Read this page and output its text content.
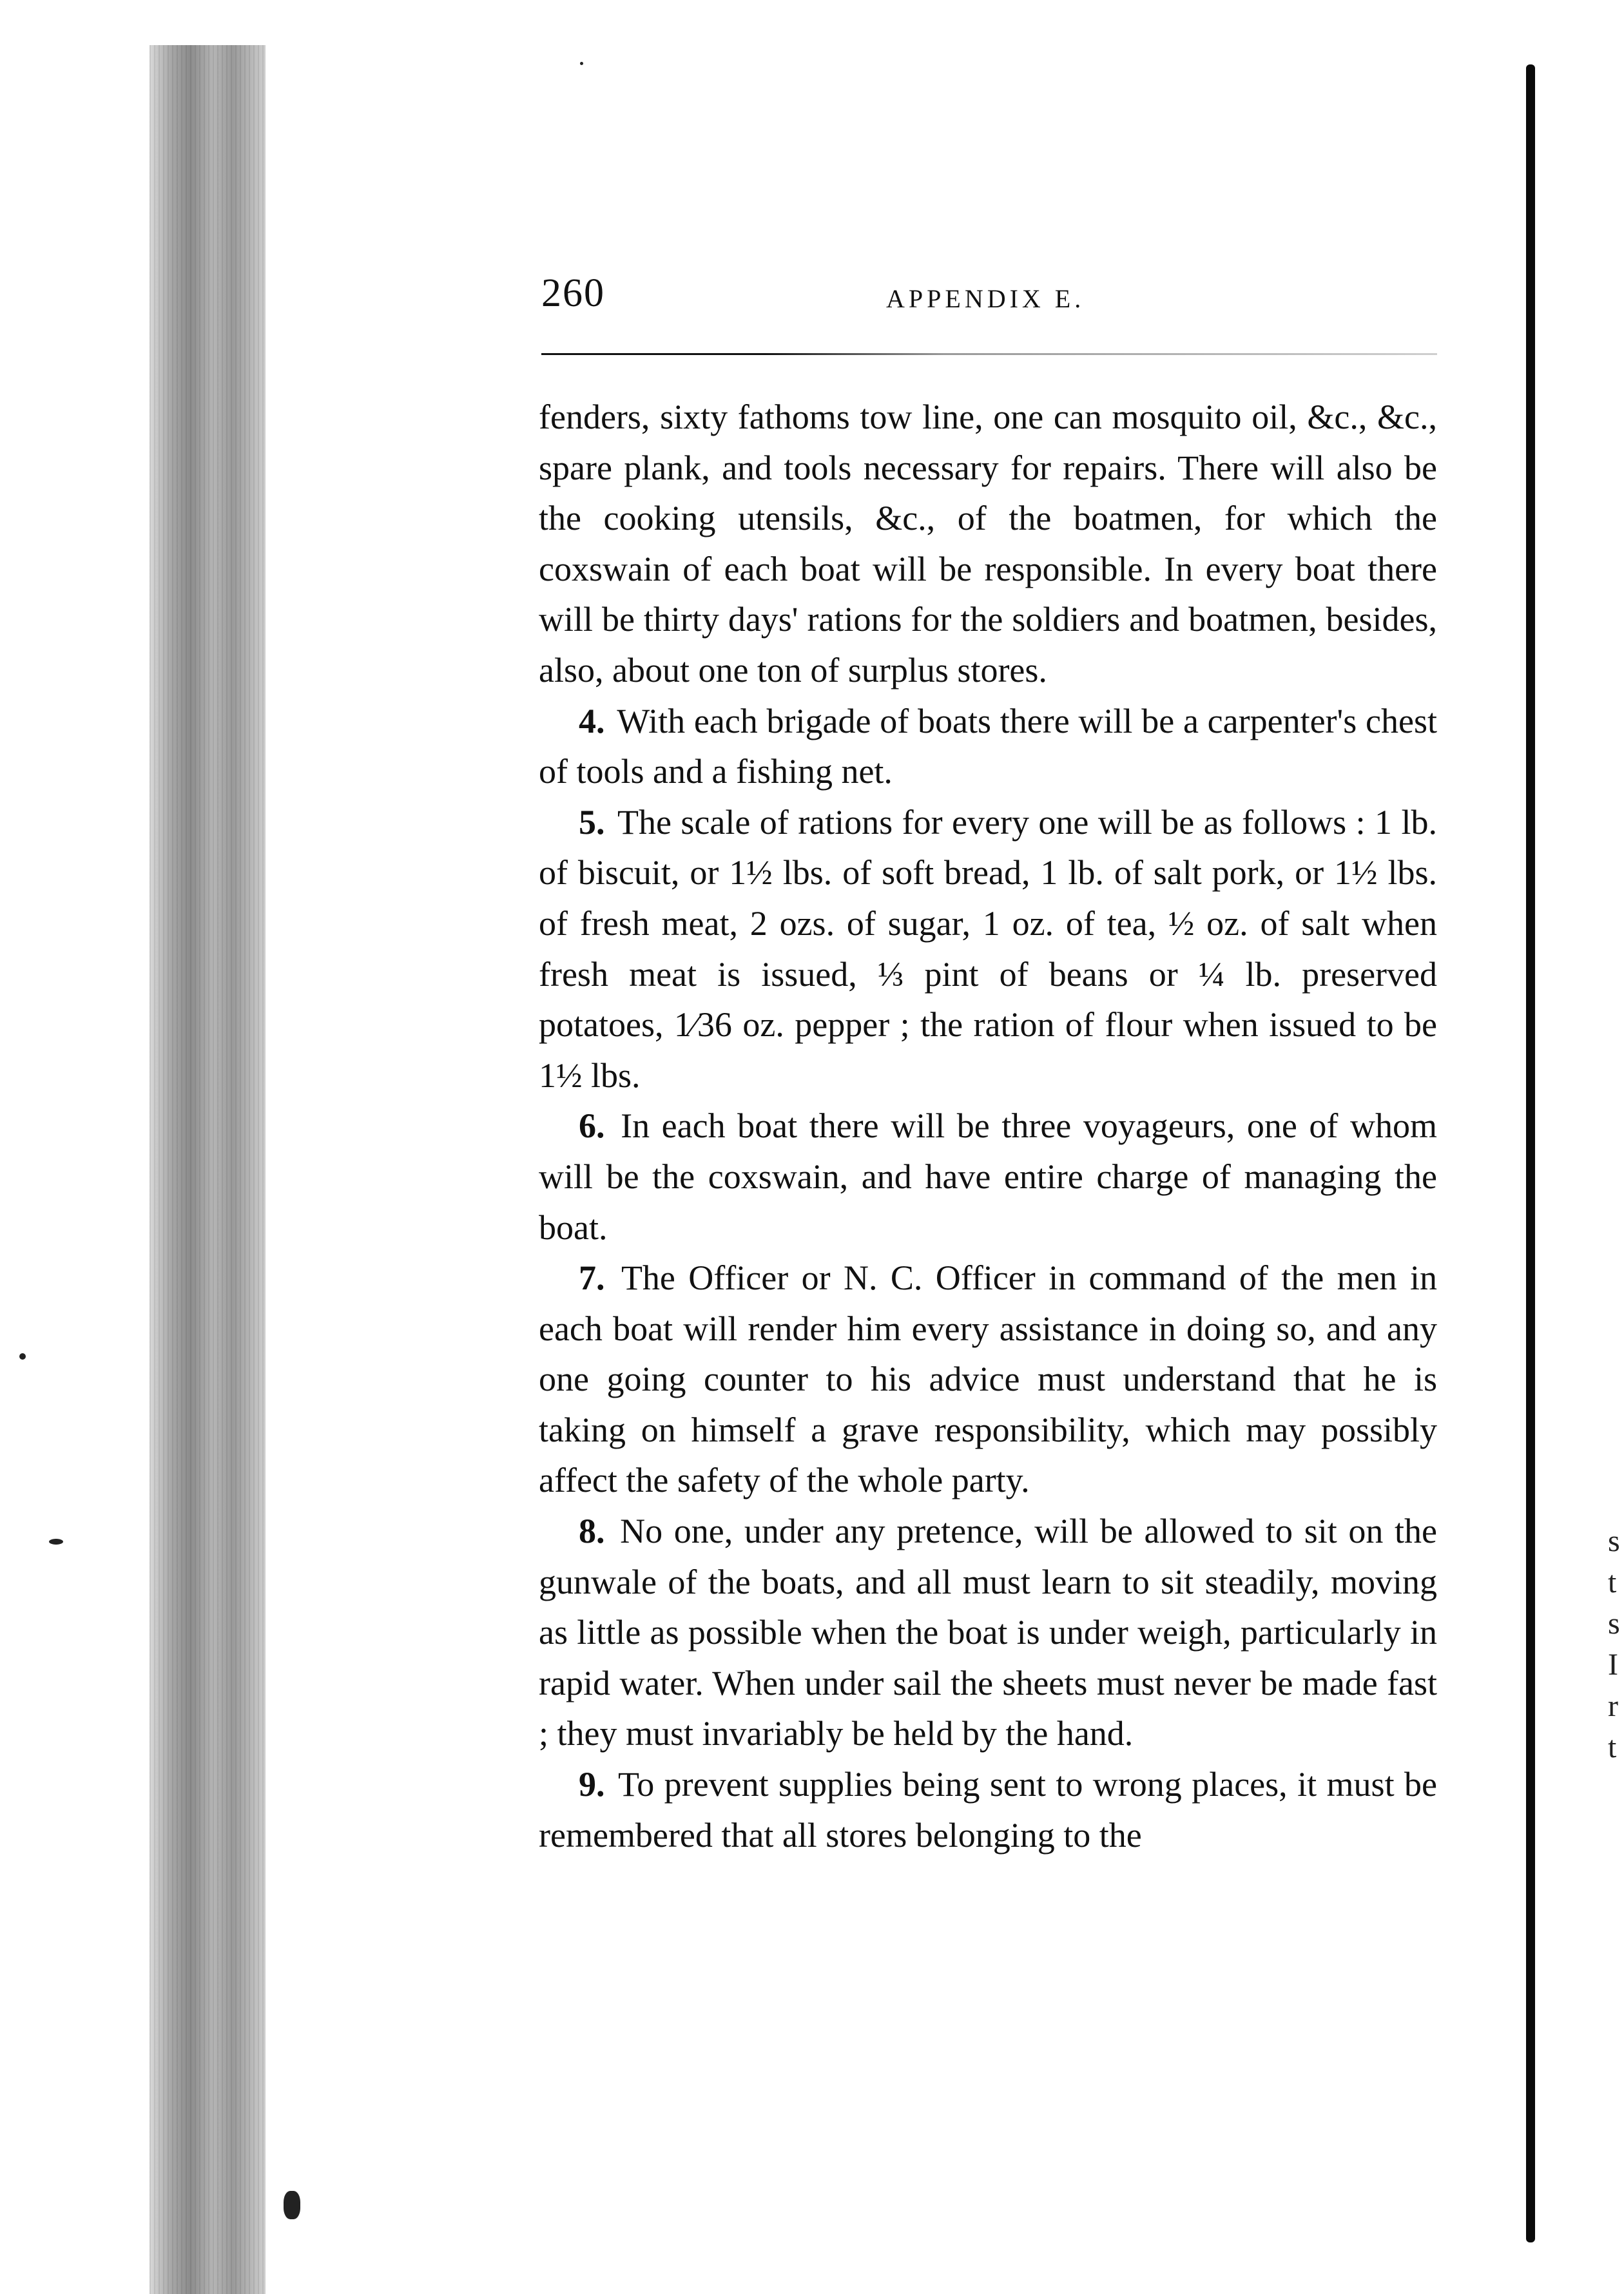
s
t
s
I
r
t
260	APPENDIX E.

fenders, sixty fathoms tow line, one can mosquito oil, &c., &c., spare plank, and tools necessary for repairs. There will also be the cooking utensils, &c., of the boatmen, for which the coxswain of each boat will be responsible. In every boat there will be thirty days' rations for the soldiers and boatmen, besides, also, about one ton of surplus stores.

4. With each brigade of boats there will be a carpenter's chest of tools and a fishing net.

5. The scale of rations for every one will be as follows : 1 lb. of biscuit, or 1½ lbs. of soft bread, 1 lb. of salt pork, or 1½ lbs. of fresh meat, 2 ozs. of sugar, 1 oz. of tea, ½ oz. of salt when fresh meat is issued, ⅓ pint of beans or ¼ lb. preserved potatoes, 1⁄36 oz. pepper ; the ration of flour when issued to be 1½ lbs.

6. In each boat there will be three voyageurs, one of whom will be the coxswain, and have entire charge of managing the boat.

7. The Officer or N. C. Officer in command of the men in each boat will render him every assistance in doing so, and any one going counter to his advice must understand that he is taking on himself a grave responsibility, which may possibly affect the safety of the whole party.

8. No one, under any pretence, will be allowed to sit on the gunwale of the boats, and all must learn to sit steadily, moving as little as possible when the boat is under weigh, particularly in rapid water. When under sail the sheets must never be made fast ; they must invariably be held by the hand.

9. To prevent supplies being sent to wrong places, it must be remembered that all stores belonging to the
